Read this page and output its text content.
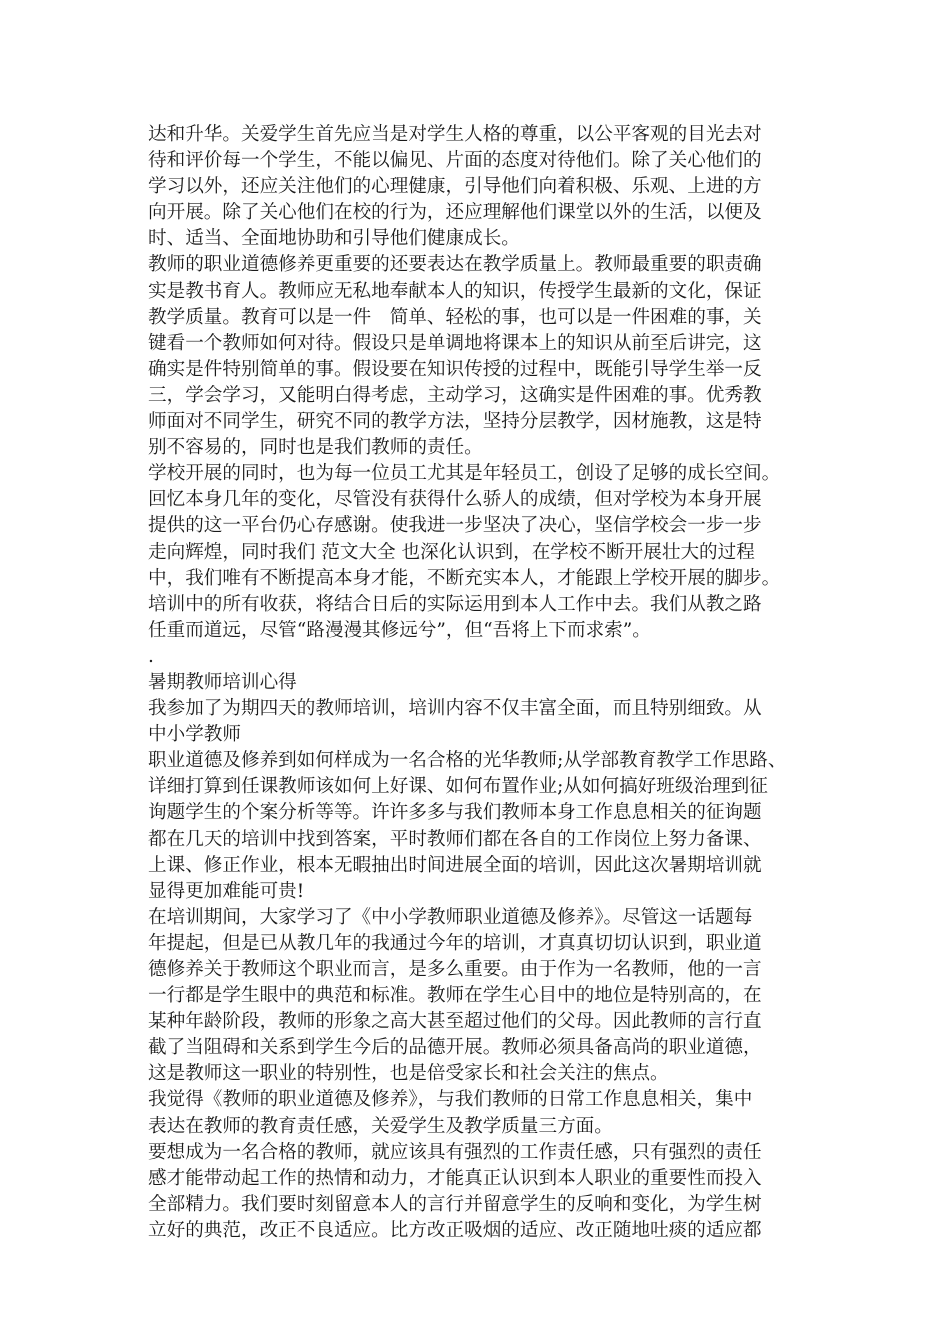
达和升华。关爱学生首先应当是对学生人格的尊重，以公平客观的目光去对
待和评价每一个学生，不能以偏见、片面的态度对待他们。除了关心他们的
学习以外，还应关注他们的心理健康，引导他们向着积极、乐观、上进的方
向开展。除了关心他们在校的行为，还应理解他们课堂以外的生活，以便及
时、适当、全面地协助和引导他们健康成长。
教师的职业道德修养更重要的还要表达在教学质量上。教师最重要的职责确
实是教书育人。教师应无私地奉献本人的知识，传授学生最新的文化，保证
教学质量。教育可以是一件　简单、轻松的事，也可以是一件困难的事，关
键看一个教师如何对待。假设只是单调地将课本上的知识从前至后讲完，这
确实是件特别简单的事。假设要在知识传授的过程中，既能引导学生举一反
三，学会学习，又能明白得考虑，主动学习，这确实是件困难的事。优秀教
师面对不同学生，研究不同的教学方法，坚持分层教学，因材施教，这是特
别不容易的，同时也是我们教师的责任。
学校开展的同时，也为每一位员工尤其是年轻员工，创设了足够的成长空间。
回忆本身几年的变化，尽管没有获得什么骄人的成绩，但对学校为本身开展
提供的这一平台仍心存感谢。使我进一步坚决了决心，坚信学校会一步一步
走向辉煌，同时我们 范文大全 也深化认识到，在学校不断开展壮大的过程
中，我们唯有不断提高本身才能，不断充实本人，才能跟上学校开展的脚步。
培训中的所有收获，将结合日后的实际运用到本人工作中去。我们从教之路
任重而道远，尽管“路漫漫其修远兮”，但“吾将上下而求索”。
.
暑期教师培训心得
我参加了为期四天的教师培训，培训内容不仅丰富全面，而且特别细致。从
中小学教师
职业道德及修养到如何样成为一名合格的光华教师;从学部教育教学工作思路、
详细打算到任课教师该如何上好课、如何布置作业;从如何搞好班级治理到征
询题学生的个案分析等等。许许多多与我们教师本身工作息息相关的征询题
都在几天的培训中找到答案，平时教师们都在各自的工作岗位上努力备课、
上课、修正作业，根本无暇抽出时间进展全面的培训，因此这次暑期培训就
显得更加难能可贵!
在培训期间，大家学习了《中小学教师职业道德及修养》。尽管这一话题每
年提起，但是已从教几年的我通过今年的培训，才真真切切认识到，职业道
德修养关于教师这个职业而言，是多么重要。由于作为一名教师，他的一言
一行都是学生眼中的典范和标准。教师在学生心目中的地位是特别高的，在
某种年龄阶段，教师的形象之高大甚至超过他们的父母。因此教师的言行直
截了当阻碍和关系到学生今后的品德开展。教师必须具备高尚的职业道德，
这是教师这一职业的特别性，也是倍受家长和社会关注的焦点。
我觉得《教师的职业道德及修养》，与我们教师的日常工作息息相关，集中
表达在教师的教育责任感，关爱学生及教学质量三方面。
要想成为一名合格的教师，就应该具有强烈的工作责任感，只有强烈的责任
感才能带动起工作的热情和动力，才能真正认识到本人职业的重要性而投入
全部精力。我们要时刻留意本人的言行并留意学生的反响和变化，为学生树
立好的典范，改正不良适应。比方改正吸烟的适应、改正随地吐痰的适应都
